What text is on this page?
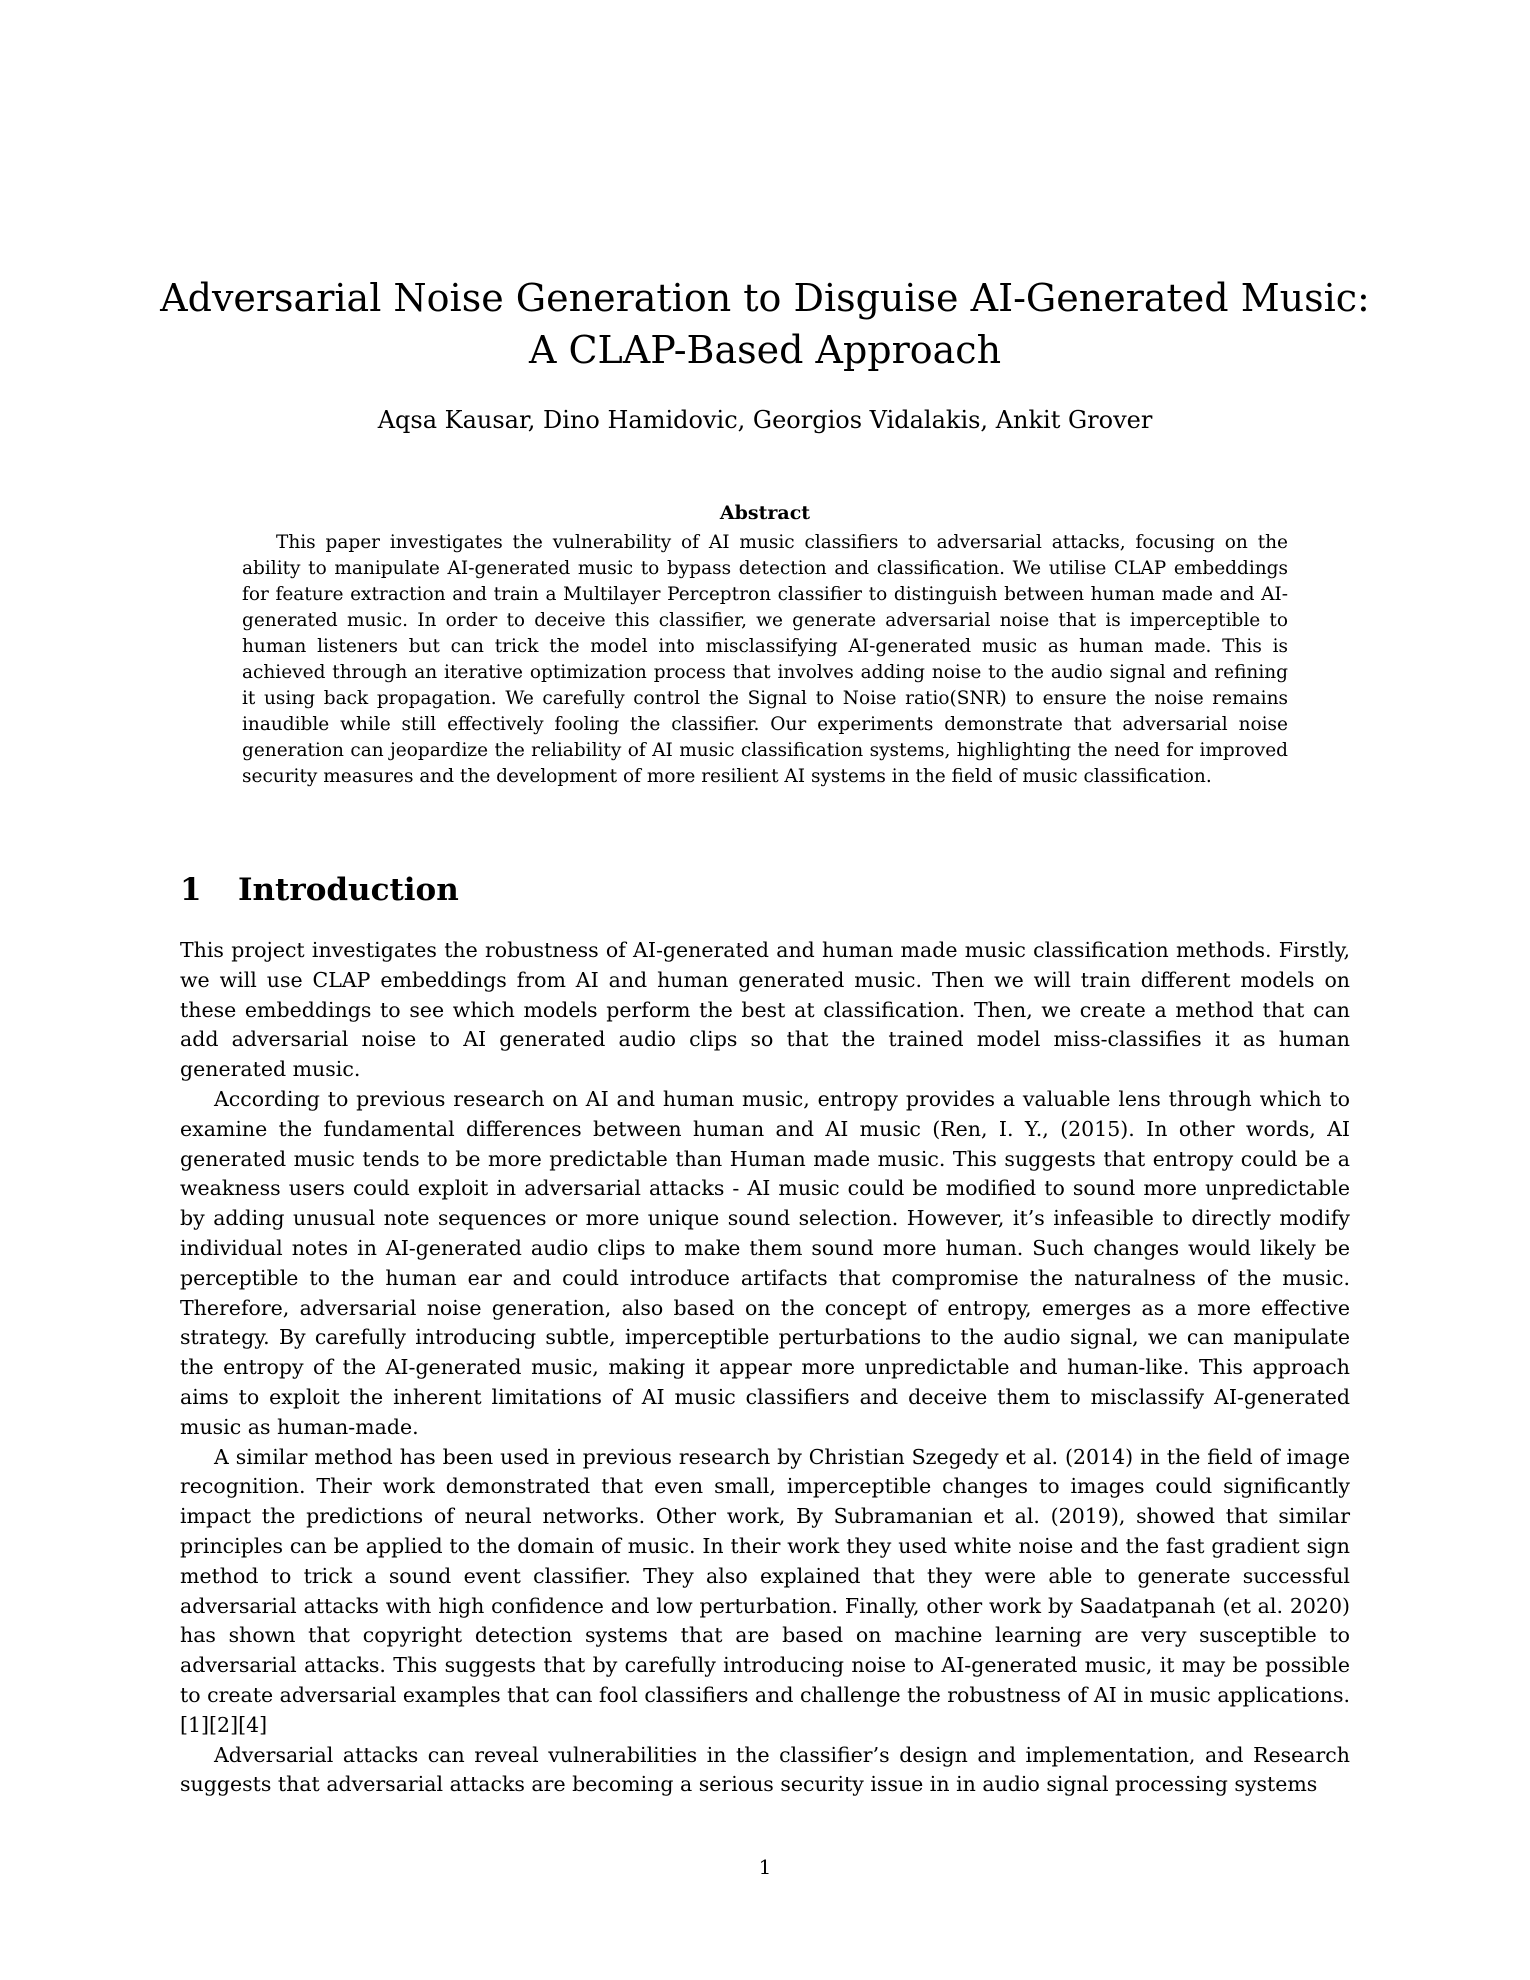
Adversarial Noise Generation to Disguise AI-Generated Music: A CLAP-Based Approach

Aqsa Kausar, Dino Hamidovic, Georgios Vidalakis, Ankit Grover

Abstract

This paper investigates the vulnerability of AI music classifiers to adversarial attacks, focusing on the ability to manipulate AI-generated music to bypass detection and classification. We utilise CLAP embeddings for feature extraction and train a Multilayer Perceptron classifier to distinguish between human made and AI-generated music. In order to deceive this classifier, we generate adversarial noise that is imperceptible to human listeners but can trick the model into misclassifying AI-generated music as human made. This is achieved through an iterative optimization process that involves adding noise to the audio signal and refining it using back propagation. We carefully control the Signal to Noise ratio(SNR) to ensure the noise remains inaudible while still effectively fooling the classifier. Our experiments demonstrate that adversarial noise generation can jeopardize the reliability of AI music classification systems, highlighting the need for improved security measures and the development of more resilient AI systems in the field of music classification.

1 Introduction

This project investigates the robustness of AI-generated and human made music classification methods. Firstly, we will use CLAP embeddings from AI and human generated music. Then we will train different models on these embeddings to see which models perform the best at classification. Then, we create a method that can add adversarial noise to AI generated audio clips so that the trained model miss-classifies it as human generated music.

According to previous research on AI and human music, entropy provides a valuable lens through which to examine the fundamental differences between human and AI music (Ren, I. Y., (2015). In other words, AI generated music tends to be more predictable than Human made music. This suggests that entropy could be a weakness users could exploit in adversarial attacks - AI music could be modified to sound more unpredictable by adding unusual note sequences or more unique sound selection. However, it’s infeasible to directly modify individual notes in AI-generated audio clips to make them sound more human. Such changes would likely be perceptible to the human ear and could introduce artifacts that compromise the naturalness of the music. Therefore, adversarial noise generation, also based on the concept of entropy, emerges as a more effective strategy. By carefully introducing subtle, imperceptible perturbations to the audio signal, we can manipulate the entropy of the AI-generated music, making it appear more unpredictable and human-like. This approach aims to exploit the inherent limitations of AI music classifiers and deceive them to misclassify AI-generated music as human-made.

A similar method has been used in previous research by Christian Szegedy et al. (2014) in the field of image recognition. Their work demonstrated that even small, imperceptible changes to images could significantly impact the predictions of neural networks. Other work, By Subramanian et al. (2019), showed that similar principles can be applied to the domain of music. In their work they used white noise and the fast gradient sign method to trick a sound event classifier. They also explained that they were able to generate successful adversarial attacks with high confidence and low perturbation. Finally, other work by Saadatpanah (et al. 2020) has shown that copyright detection systems that are based on machine learning are very susceptible to adversarial attacks. This suggests that by carefully introducing noise to AI-generated music, it may be possible to create adversarial examples that can fool classifiers and challenge the robustness of AI in music applications.[1][2][4]

Adversarial attacks can reveal vulnerabilities in the classifier’s design and implementation, and Research suggests that adversarial attacks are becoming a serious security issue in in audio signal processing systems

1
